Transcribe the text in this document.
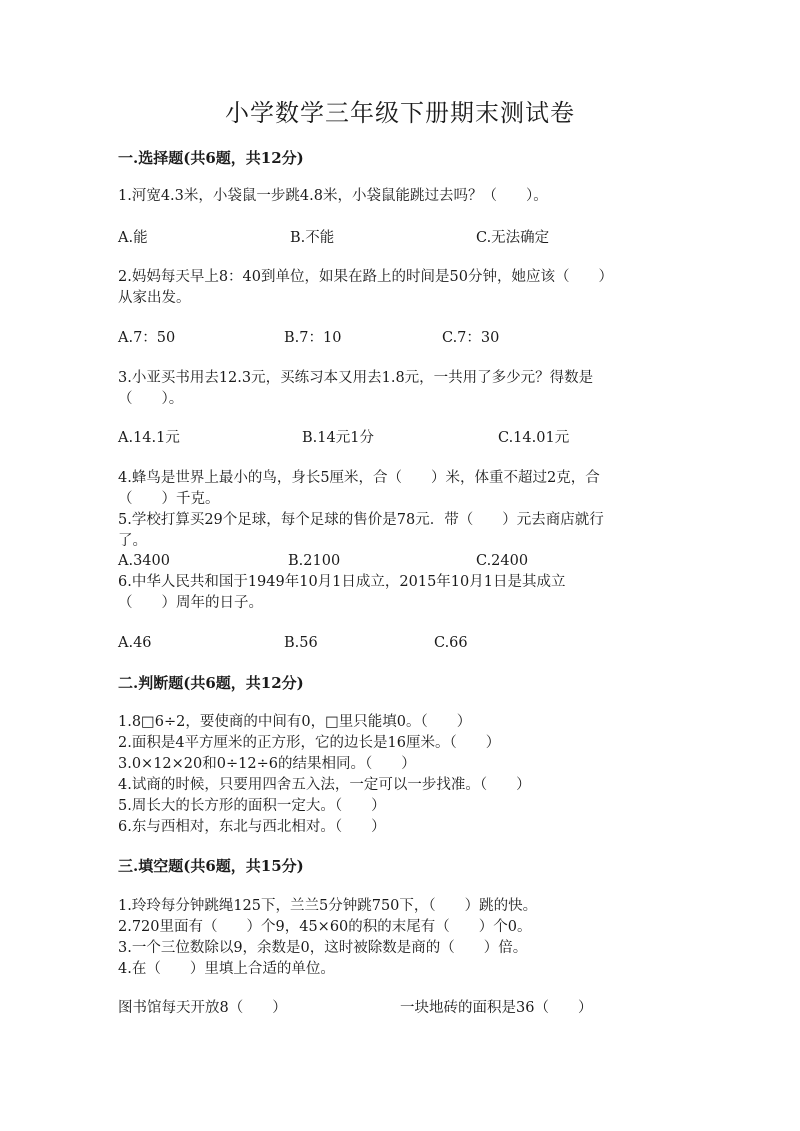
小学数学三年级下册期末测试卷
一.选择题(共6题，共12分)
1.河宽4.3米，小袋鼠一步跳4.8米，小袋鼠能跳过去吗？（　　）。
A.能	B.不能	C.无法确定
2.妈妈每天早上8：40到单位，如果在路上的时间是50分钟，她应该（　　）
从家出发。
A.7：50	B.7：10	C.7：30
3.小亚买书用去12.3元，买练习本又用去1.8元，一共用了多少元？得数是
（　　）。
A.14.1元	B.14元1分	C.14.01元
4.蜂鸟是世界上最小的鸟，身长5厘米，合（　　）米，体重不超过2克，合
（　　）千克。
5.学校打算买29个足球，每个足球的售价是78元．带（　　）元去商店就行
了。
A.3400	B.2100	C.2400
6.中华人民共和国于1949年10月1日成立，2015年10月1日是其成立
（　　）周年的日子。
A.46	B.56	C.66
二.判断题(共6题，共12分)
1.8□6÷2，要使商的中间有0，□里只能填0。（　　）
2.面积是4平方厘米的正方形，它的边长是16厘米。（　　）
3.0×12×20和0÷12÷6的结果相同。（　　）
4.试商的时候，只要用四舍五入法，一定可以一步找准。（　　）
5.周长大的长方形的面积一定大。（　　）
6.东与西相对，东北与西北相对。（　　）
三.填空题(共6题，共15分)
1.玲玲每分钟跳绳125下，兰兰5分钟跳750下，（　　）跳的快。
2.720里面有（　　）个9，45×60的积的末尾有（　　）个0。
3.一个三位数除以9，余数是0，这时被除数是商的（　　）倍。
4.在（　　）里填上合适的单位。
图书馆每天开放8（　　）	一块地砖的面积是36（　　）
